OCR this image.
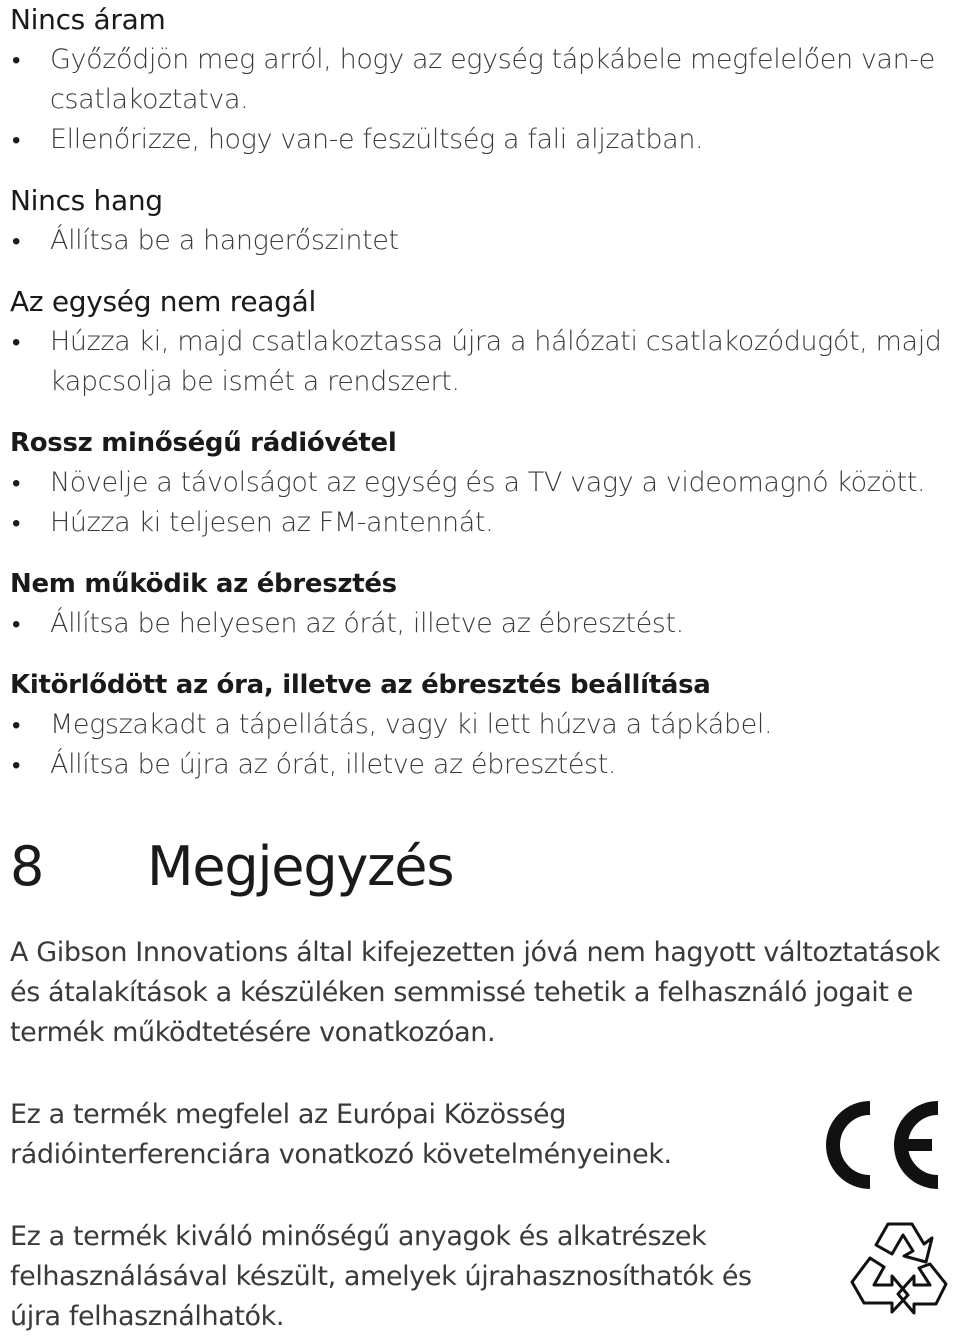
Nincs áram
•	Győződjön meg arról, hogy az egység tápkábele megfelelően van-e csatlakoztatva.
•	Ellenőrizze, hogy van-e feszültség a fali aljzatban.
Nincs hang
•	Állítsa be a hangerőszintet
Az egység nem reagál
•	Húzza ki, majd csatlakoztassa újra a hálózati csatlakozódugót, majd kapcsolja be ismét a rendszert.
Rossz minőségű rádióvétel
•	Növelje a távolságot az egység és a TV vagy a videomagnó között.
•	Húzza ki teljesen az FM-antennát.
Nem működik az ébresztés
•	Állítsa be helyesen az órát, illetve az ébresztést.
Kitörlődött az óra, illetve az ébresztés beállítása
•	Megszakadt a tápellátás, vagy ki lett húzva a tápkábel.
•	Állítsa be újra az órát, illetve az ébresztést.
8 Megjegyzés

A Gibson Innovations által kifejezetten jóvá nem hagyott változtatások és átalakítások a készüléken semmissé tehetik a felhasználó jogait e termék működtetésére vonatkozóan.

Ez a termék megfelel az Európai Közösség rádióinterferenciára vonatkozó követelményeinek.

Ez a termék kiváló minőségű anyagok és alkatrészek felhasználásával készült, amelyek újrahasznosíthatók és újra felhasználhatók.
